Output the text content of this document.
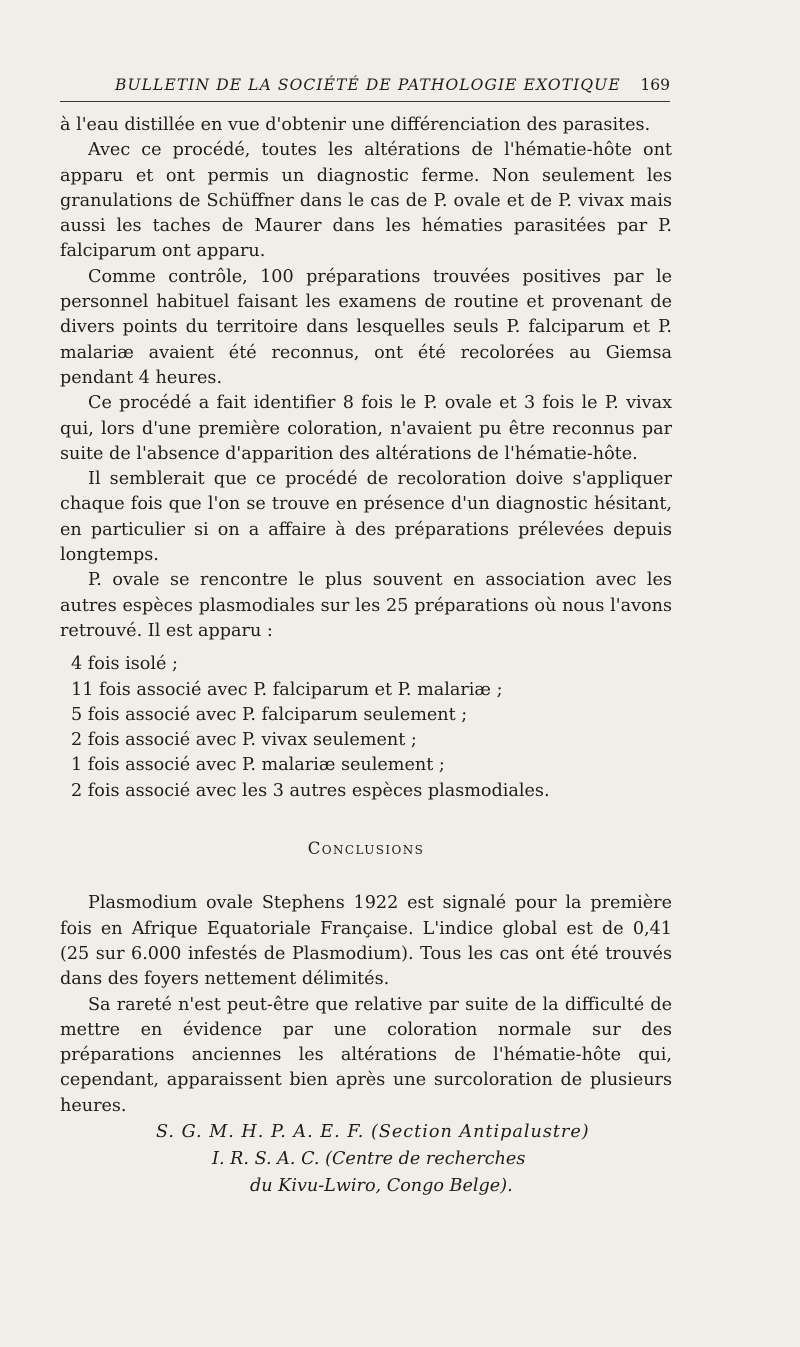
BULLETIN DE LA SOCIÉTÉ DE PATHOLOGIE EXOTIQUE 169

à l'eau distillée en vue d'obtenir une différenciation des parasites.

Avec ce procédé, toutes les altérations de l'hématie-hôte ont apparu et ont permis un diagnostic ferme. Non seulement les granulations de Schüffner dans le cas de P. ovale et de P. vivax mais aussi les taches de Maurer dans les hématies parasitées par P. falciparum ont apparu.

Comme contrôle, 100 préparations trouvées positives par le personnel habituel faisant les examens de routine et provenant de divers points du territoire dans lesquelles seuls P. falciparum et P. malariæ avaient été reconnus, ont été recolorées au Giemsa pendant 4 heures.

Ce procédé a fait identifier 8 fois le P. ovale et 3 fois le P. vivax qui, lors d'une première coloration, n'avaient pu être reconnus par suite de l'absence d'apparition des altérations de l'hématie-hôte.

Il semblerait que ce procédé de recoloration doive s'appliquer chaque fois que l'on se trouve en présence d'un diagnostic hésitant, en particulier si on a affaire à des préparations prélevées depuis longtemps.

P. ovale se rencontre le plus souvent en association avec les autres espèces plasmodiales sur les 25 préparations où nous l'avons retrouvé. Il est apparu :

4 fois isolé ;
11 fois associé avec P. falciparum et P. malariæ ;
5 fois associé avec P. falciparum seulement ;
2 fois associé avec P. vivax seulement ;
1 fois associé avec P. malariæ seulement ;
2 fois associé avec les 3 autres espèces plasmodiales.
Conclusions

Plasmodium ovale Stephens 1922 est signalé pour la première fois en Afrique Equatoriale Française. L'indice global est de 0,41 (25 sur 6.000 infestés de Plasmodium). Tous les cas ont été trouvés dans des foyers nettement délimités.

Sa rareté n'est peut-être que relative par suite de la difficulté de mettre en évidence par une coloration normale sur des préparations anciennes les altérations de l'hématie-hôte qui, cependant, apparaissent bien après une surcoloration de plusieurs heures.

S. G. M. H. P. A. E. F. (Section Antipalustre)
I. R. S. A. C. (Centre de recherches
du Kivu-Lwiro, Congo Belge).
